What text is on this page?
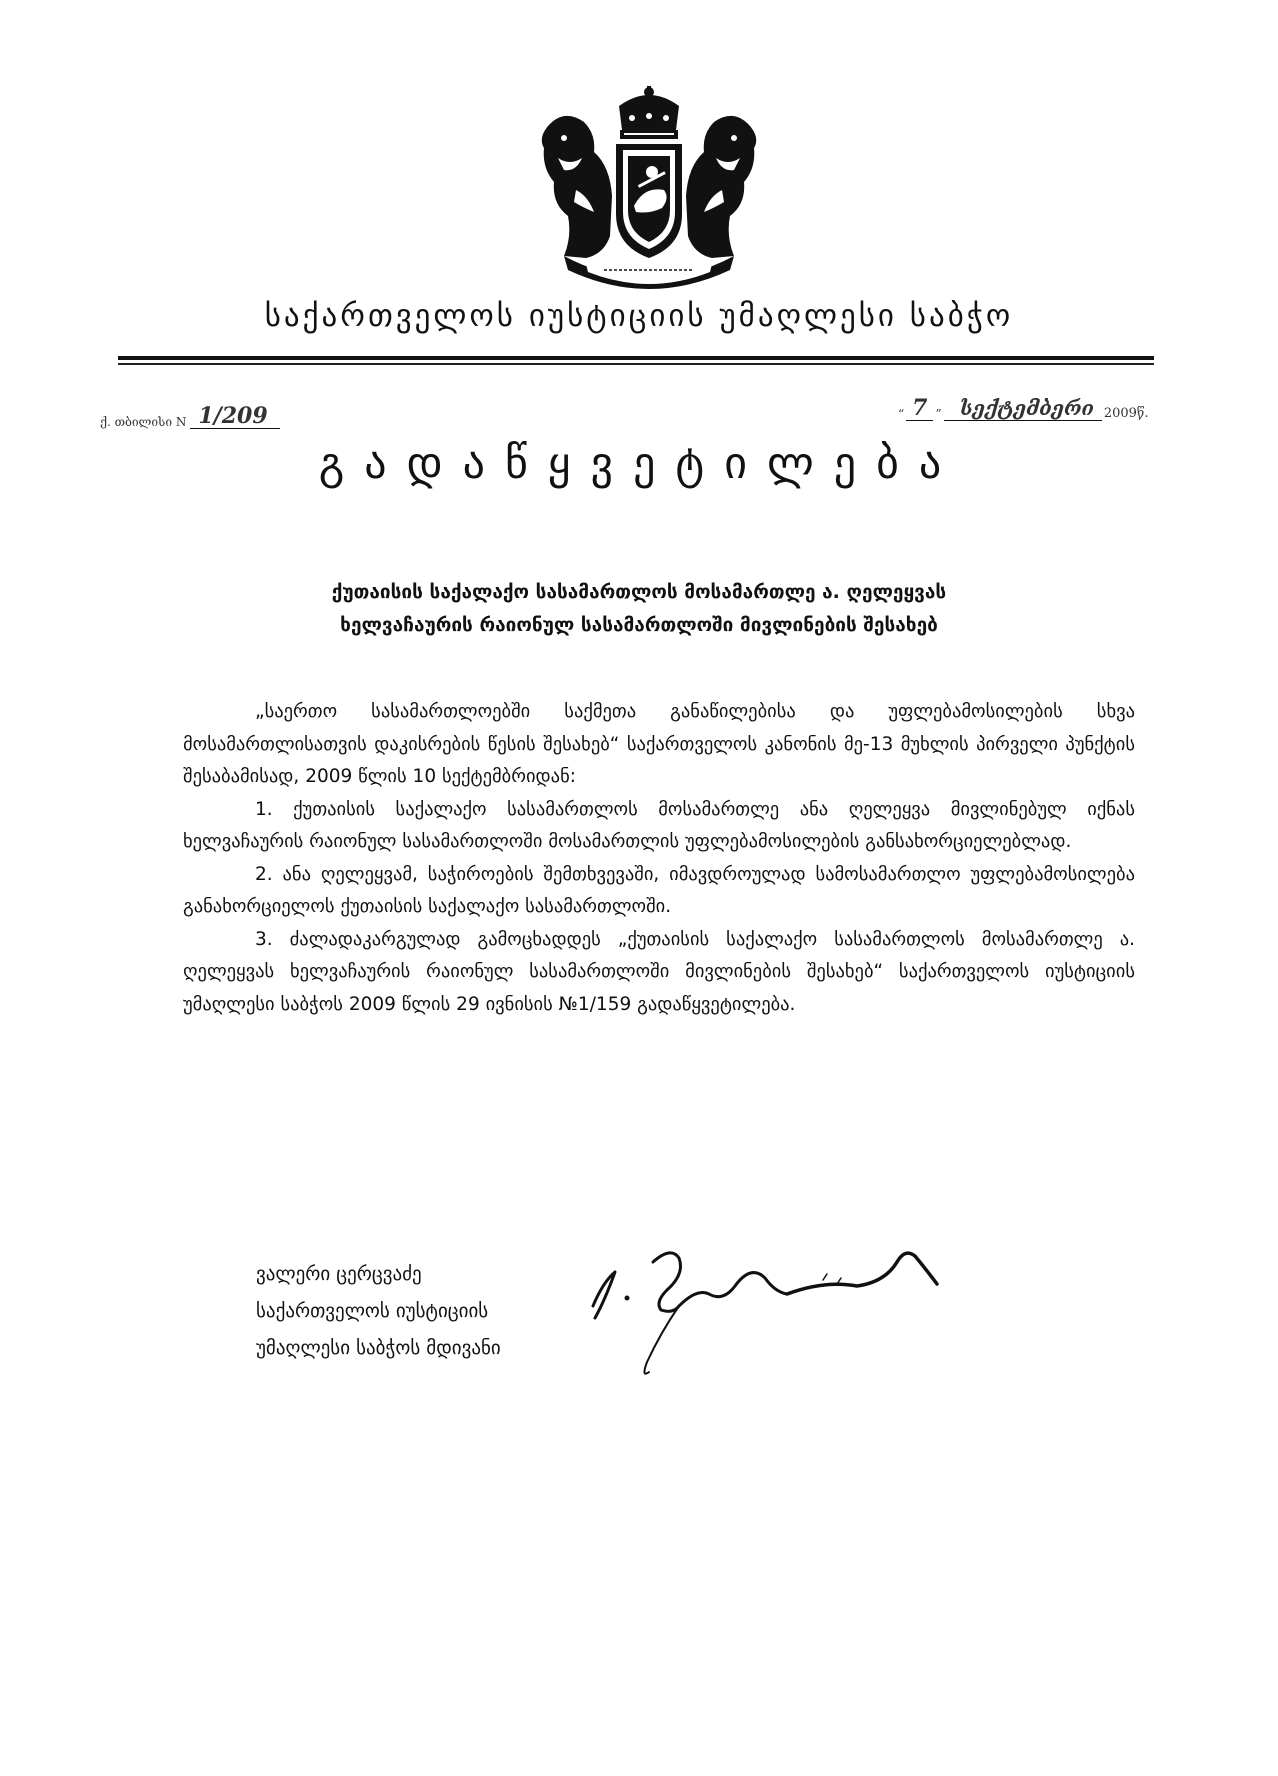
საქართველოს იუსტიციის უმაღლესი საბჭო
ქ. თბილისი N 1/209	“ 7 ” სექტემბერი 2009წ.
გადაწყვეტილება
ქუთაისის საქალაქო სასამართლოს მოსამართლე ა. ღელეყვას
ხელვაჩაურის რაიონულ სასამართლოში მივლინების შესახებ

„საერთო სასამართლოებში საქმეთა განაწილებისა და უფლებამოსილების სხვა მოსამართლისათვის დაკისრების წესის შესახებ“ საქართველოს კანონის მე-13 მუხლის პირველი პუნქტის შესაბამისად, 2009 წლის 10 სექტემბრიდან:

1. ქუთაისის საქალაქო სასამართლოს მოსამართლე ანა ღელეყვა მივლინებულ იქნას ხელვაჩაურის რაიონულ სასამართლოში მოსამართლის უფლებამოსილების განსახორციელებლად.

2. ანა ღელეყვამ, საჭიროების შემთხვევაში, იმავდროულად სამოსამართლო უფლებამოსილება განახორციელოს ქუთაისის საქალაქო სასამართლოში.

3. ძალადაკარგულად გამოცხადდეს „ქუთაისის საქალაქო სასამართლოს მოსამართლე ა. ღელეყვას ხელვაჩაურის რაიონულ სასამართლოში მივლინების შესახებ“ საქართველოს იუსტიციის უმაღლესი საბჭოს 2009 წლის 29 ივნისის №1/159 გადაწყვეტილება.

ვალერი ცერცვაძე
საქართველოს იუსტიციის
უმაღლესი საბჭოს მდივანი
